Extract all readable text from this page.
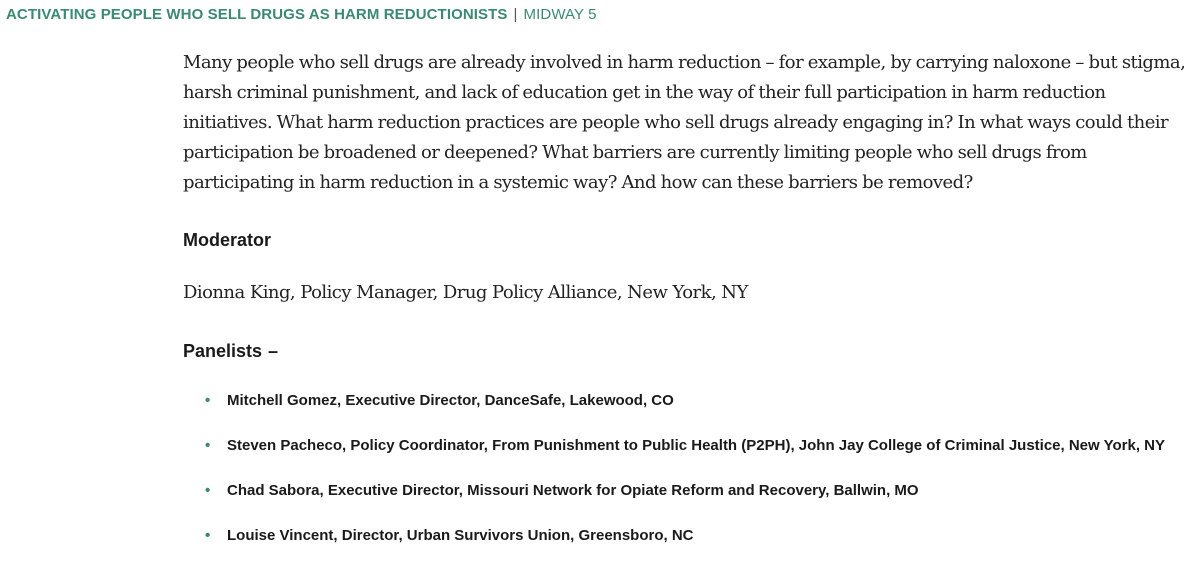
ACTIVATING PEOPLE WHO SELL DRUGS AS HARM REDUCTIONISTS | MIDWAY 5

Many people who sell drugs are already involved in harm reduction – for example, by carrying naloxone – but stigma, harsh criminal punishment, and lack of education get in the way of their full participation in harm reduction initiatives. What harm reduction practices are people who sell drugs already engaging in? In what ways could their participation be broadened or deepened? What barriers are currently limiting people who sell drugs from participating in harm reduction in a systemic way? And how can these barriers be removed?

Moderator

Dionna King, Policy Manager, Drug Policy Alliance, New York, NY

Panelists –
• Mitchell Gomez, Executive Director, DanceSafe, Lakewood, CO
• Steven Pacheco, Policy Coordinator, From Punishment to Public Health (P2PH), John Jay College of Criminal Justice, New York, NY
• Chad Sabora, Executive Director, Missouri Network for Opiate Reform and Recovery, Ballwin, MO
• Louise Vincent, Director, Urban Survivors Union, Greensboro, NC
